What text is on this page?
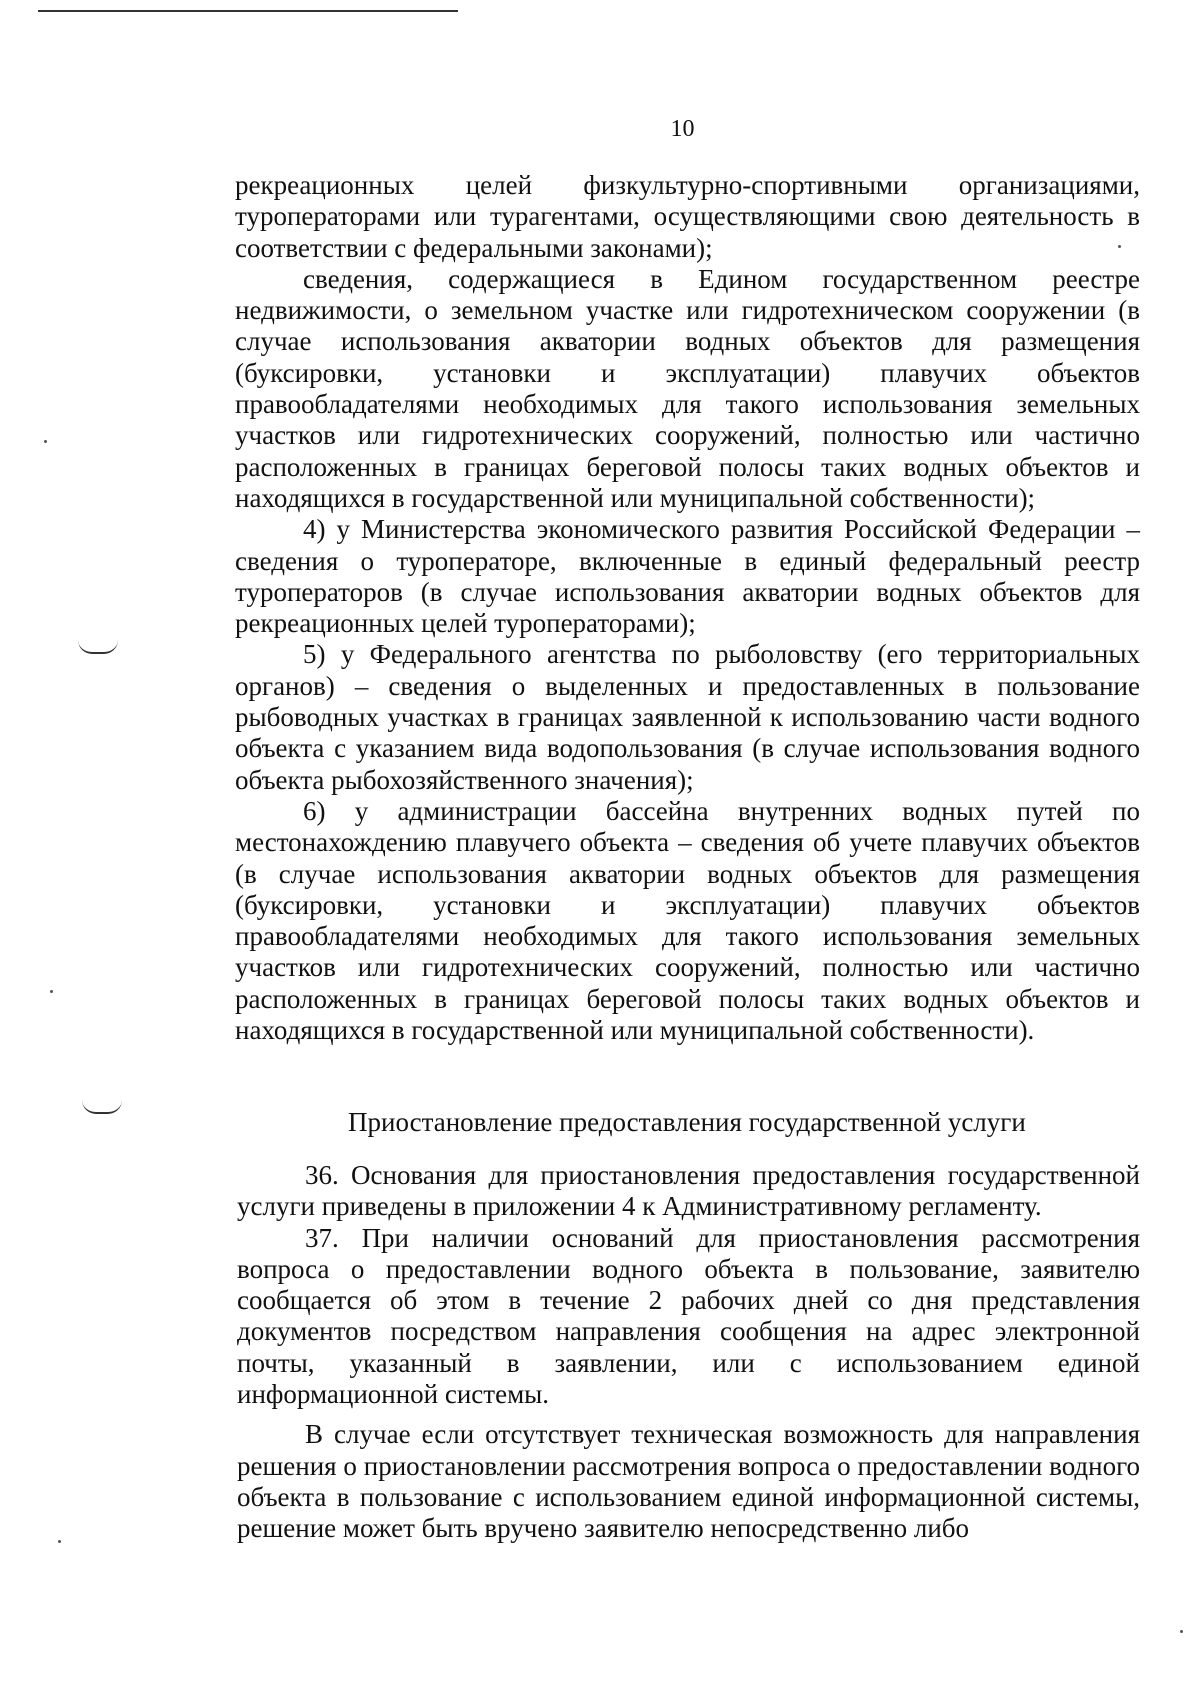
10

рекреационных целей физкультурно-спортивными организациями, туроператорами или турагентами, осуществляющими свою деятельность в соответствии с федеральными законами);

сведения, содержащиеся в Едином государственном реестре недвижимости, о земельном участке или гидротехническом сооружении (в случае использования акватории водных объектов для размещения (буксировки, установки и эксплуатации) плавучих объектов правообладателями необходимых для такого использования земельных участков или гидротехнических сооружений, полностью или частично расположенных в границах береговой полосы таких водных объектов и находящихся в государственной или муниципальной собственности);

4) у Министерства экономического развития Российской Федерации – сведения о туроператоре, включенные в единый федеральный реестр туроператоров (в случае использования акватории водных объектов для рекреационных целей туроператорами);

5) у Федерального агентства по рыболовству (его территориальных органов) – сведения о выделенных и предоставленных в пользование рыбоводных участках в границах заявленной к использованию части водного объекта с указанием вида водопользования (в случае использования водного объекта рыбохозяйственного значения);

6) у администрации бассейна внутренних водных путей по местонахождению плавучего объекта – сведения об учете плавучих объектов (в случае использования акватории водных объектов для размещения (буксировки, установки и эксплуатации) плавучих объектов правообладателями необходимых для такого использования земельных участков или гидротехнических сооружений, полностью или частично расположенных в границах береговой полосы таких водных объектов и находящихся в государственной или муниципальной собственности).

Приостановление предоставления государственной услуги

36. Основания для приостановления предоставления государственной услуги приведены в приложении 4 к Административному регламенту.

37. При наличии оснований для приостановления рассмотрения вопроса о предоставлении водного объекта в пользование, заявителю сообщается об этом в течение 2 рабочих дней со дня представления документов посредством направления сообщения на адрес электронной почты, указанный в заявлении, или с использованием единой информационной системы.

В случае если отсутствует техническая возможность для направления решения о приостановлении рассмотрения вопроса о предоставлении водного объекта в пользование с использованием единой информационной системы, решение может быть вручено заявителю непосредственно либо
